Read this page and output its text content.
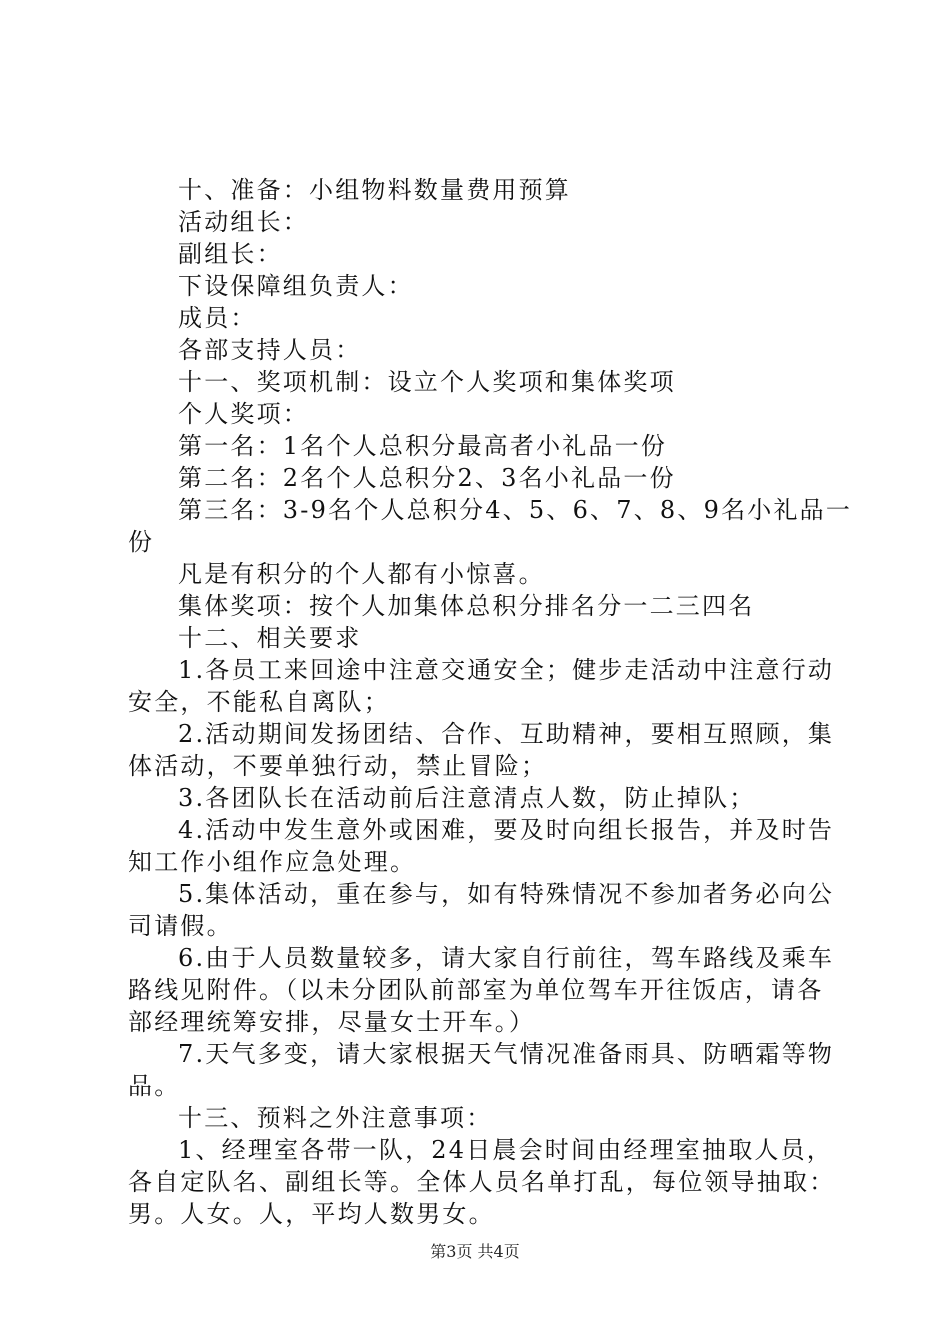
十、准备：小组物料数量费用预算
活动组长：
副组长：
下设保障组负责人：
成员：
各部支持人员：
十一、奖项机制：设立个人奖项和集体奖项
个人奖项：
第一名：1名个人总积分最高者小礼品一份
第二名：2名个人总积分2、3名小礼品一份
第三名：3-9名个人总积分4、5、6、7、8、9名小礼品一
份
凡是有积分的个人都有小惊喜。
集体奖项：按个人加集体总积分排名分一二三四名
十二、相关要求
1.各员工来回途中注意交通安全；健步走活动中注意行动
安全，不能私自离队；
2.活动期间发扬团结、合作、互助精神，要相互照顾，集
体活动，不要单独行动，禁止冒险；
3.各团队长在活动前后注意清点人数，防止掉队；
4.活动中发生意外或困难，要及时向组长报告，并及时告
知工作小组作应急处理。
5.集体活动，重在参与，如有特殊情况不参加者务必向公
司请假。
6.由于人员数量较多，请大家自行前往，驾车路线及乘车
路线见附件。（以未分团队前部室为单位驾车开往饭店，请各
部经理统筹安排，尽量女士开车。）
7.天气多变，请大家根据天气情况准备雨具、防晒霜等物
品。
十三、预料之外注意事项：
1、经理室各带一队，24日晨会时间由经理室抽取人员，
各自定队名、副组长等。全体人员名单打乱，每位领导抽取：
男。人女。人，平均人数男女。
第3页 共4页
